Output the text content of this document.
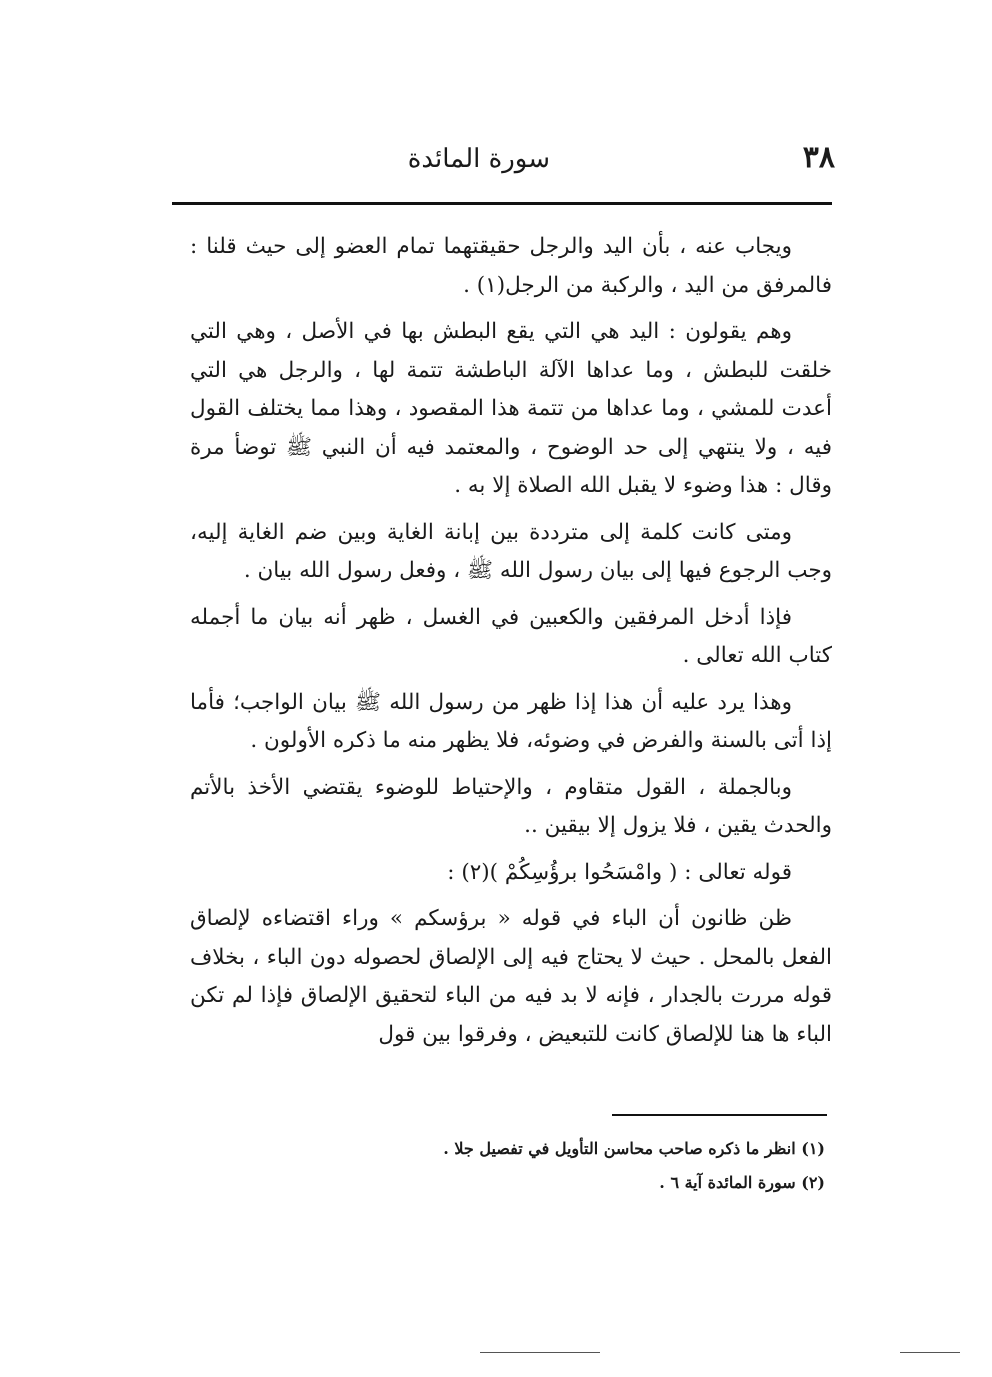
٣٨
سورة المائدة

ويجاب عنه ، بأن اليد والرجل حقيقتهما تمام العضو إلى حيث قلنا : فالمرفق من اليد ، والركبة من الرجل(١) .

وهم يقولون : اليد هي التي يقع البطش بها في الأصل ، وهي التي خلقت للبطش ، وما عداها الآلة الباطشة تتمة لها ، والرجل هي التي أعدت للمشي ، وما عداها من تتمة هذا المقصود ، وهذا مما يختلف القول فيه ، ولا ينتهي إلى حد الوضوح ، والمعتمد فيه أن النبي ﷺ توضأ مرة وقال : هذا وضوء لا يقبل الله الصلاة إلا به .

ومتى كانت كلمة إلى مترددة بين إبانة الغاية وبين ضم الغاية إليه، وجب الرجوع فيها إلى بيان رسول الله ﷺ ، وفعل رسول الله بيان .

فإذا أدخل المرفقين والكعبين في الغسل ، ظهر أنه بيان ما أجمله كتاب الله تعالى .

وهذا يرد عليه أن هذا إذا ظهر من رسول الله ﷺ بيان الواجب؛ فأما إذا أتى بالسنة والفرض في وضوئه، فلا يظهر منه ما ذكره الأولون .

وبالجملة ، القول متقاوم ، والإحتياط للوضوء يقتضي الأخذ بالأتم والحدث يقين ، فلا يزول إلا بيقين ..

قوله تعالى : ( وامْسَحُوا برؤُسِكُمْ )(٢) :

ظن ظانون أن الباء في قوله « برؤسكم » وراء اقتضاءه لإلصاق الفعل بالمحل . حيث لا يحتاج فيه إلى الإلصاق لحصوله دون الباء ، بخلاف قوله مررت بالجدار ، فإنه لا بد فيه من الباء لتحقيق الإلصاق فإذا لم تكن الباء ها هنا للإلصاق كانت للتبعيض ، وفرقوا بين قول

(١) انظر ما ذكره صاحب محاسن التأويل في تفصيل جلا .

(٢) سورة المائدة آية ٦ .
